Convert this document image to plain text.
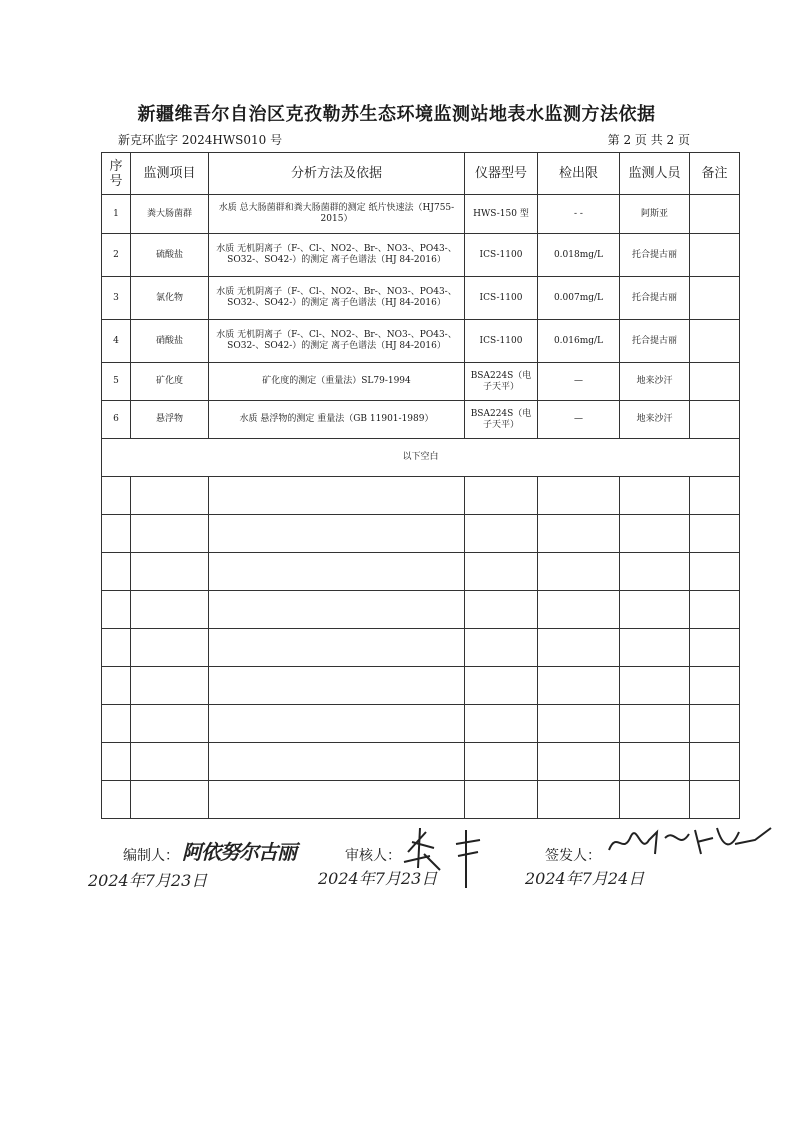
新疆维吾尔自治区克孜勒苏生态环境监测站地表水监测方法依据
新克环监字 2024HWS010 号	第 2 页 共 2 页
序号	监测项目	分析方法及依据	仪器型号	检出限	监测人员	备注
1	粪大肠菌群	水质 总大肠菌群和粪大肠菌群的测定 纸片快速法（HJ755-2015）	HWS-150 型	- -	阿斯亚	
2	硫酸盐	水质 无机阴离子（F-、Cl-、NO2-、Br-、NO3-、PO43-、SO32-、SO42-）的测定 离子色谱法（HJ 84-2016）	ICS-1100	0.018mg/L	托合提古丽	
3	氯化物	水质 无机阴离子（F-、Cl-、NO2-、Br-、NO3-、PO43-、SO32-、SO42-）的测定 离子色谱法（HJ 84-2016）	ICS-1100	0.007mg/L	托合提古丽	
4	硝酸盐	水质 无机阴离子（F-、Cl-、NO2-、Br-、NO3-、PO43-、SO32-、SO42-）的测定 离子色谱法（HJ 84-2016）	ICS-1100	0.016mg/L	托合提古丽	
5	矿化度	矿化度的测定（重量法）SL79-1994	BSA224S（电子天平）	—	地来沙汗	
6	悬浮物	水质 悬浮物的测定 重量法（GB 11901-1989）	BSA224S（电子天平）	—	地来沙汗	
以下空白						

编制人： 阿依努尔古丽
2024年7月23日
审核人：
2024年7月23日
签发人：
2024年7月24日
